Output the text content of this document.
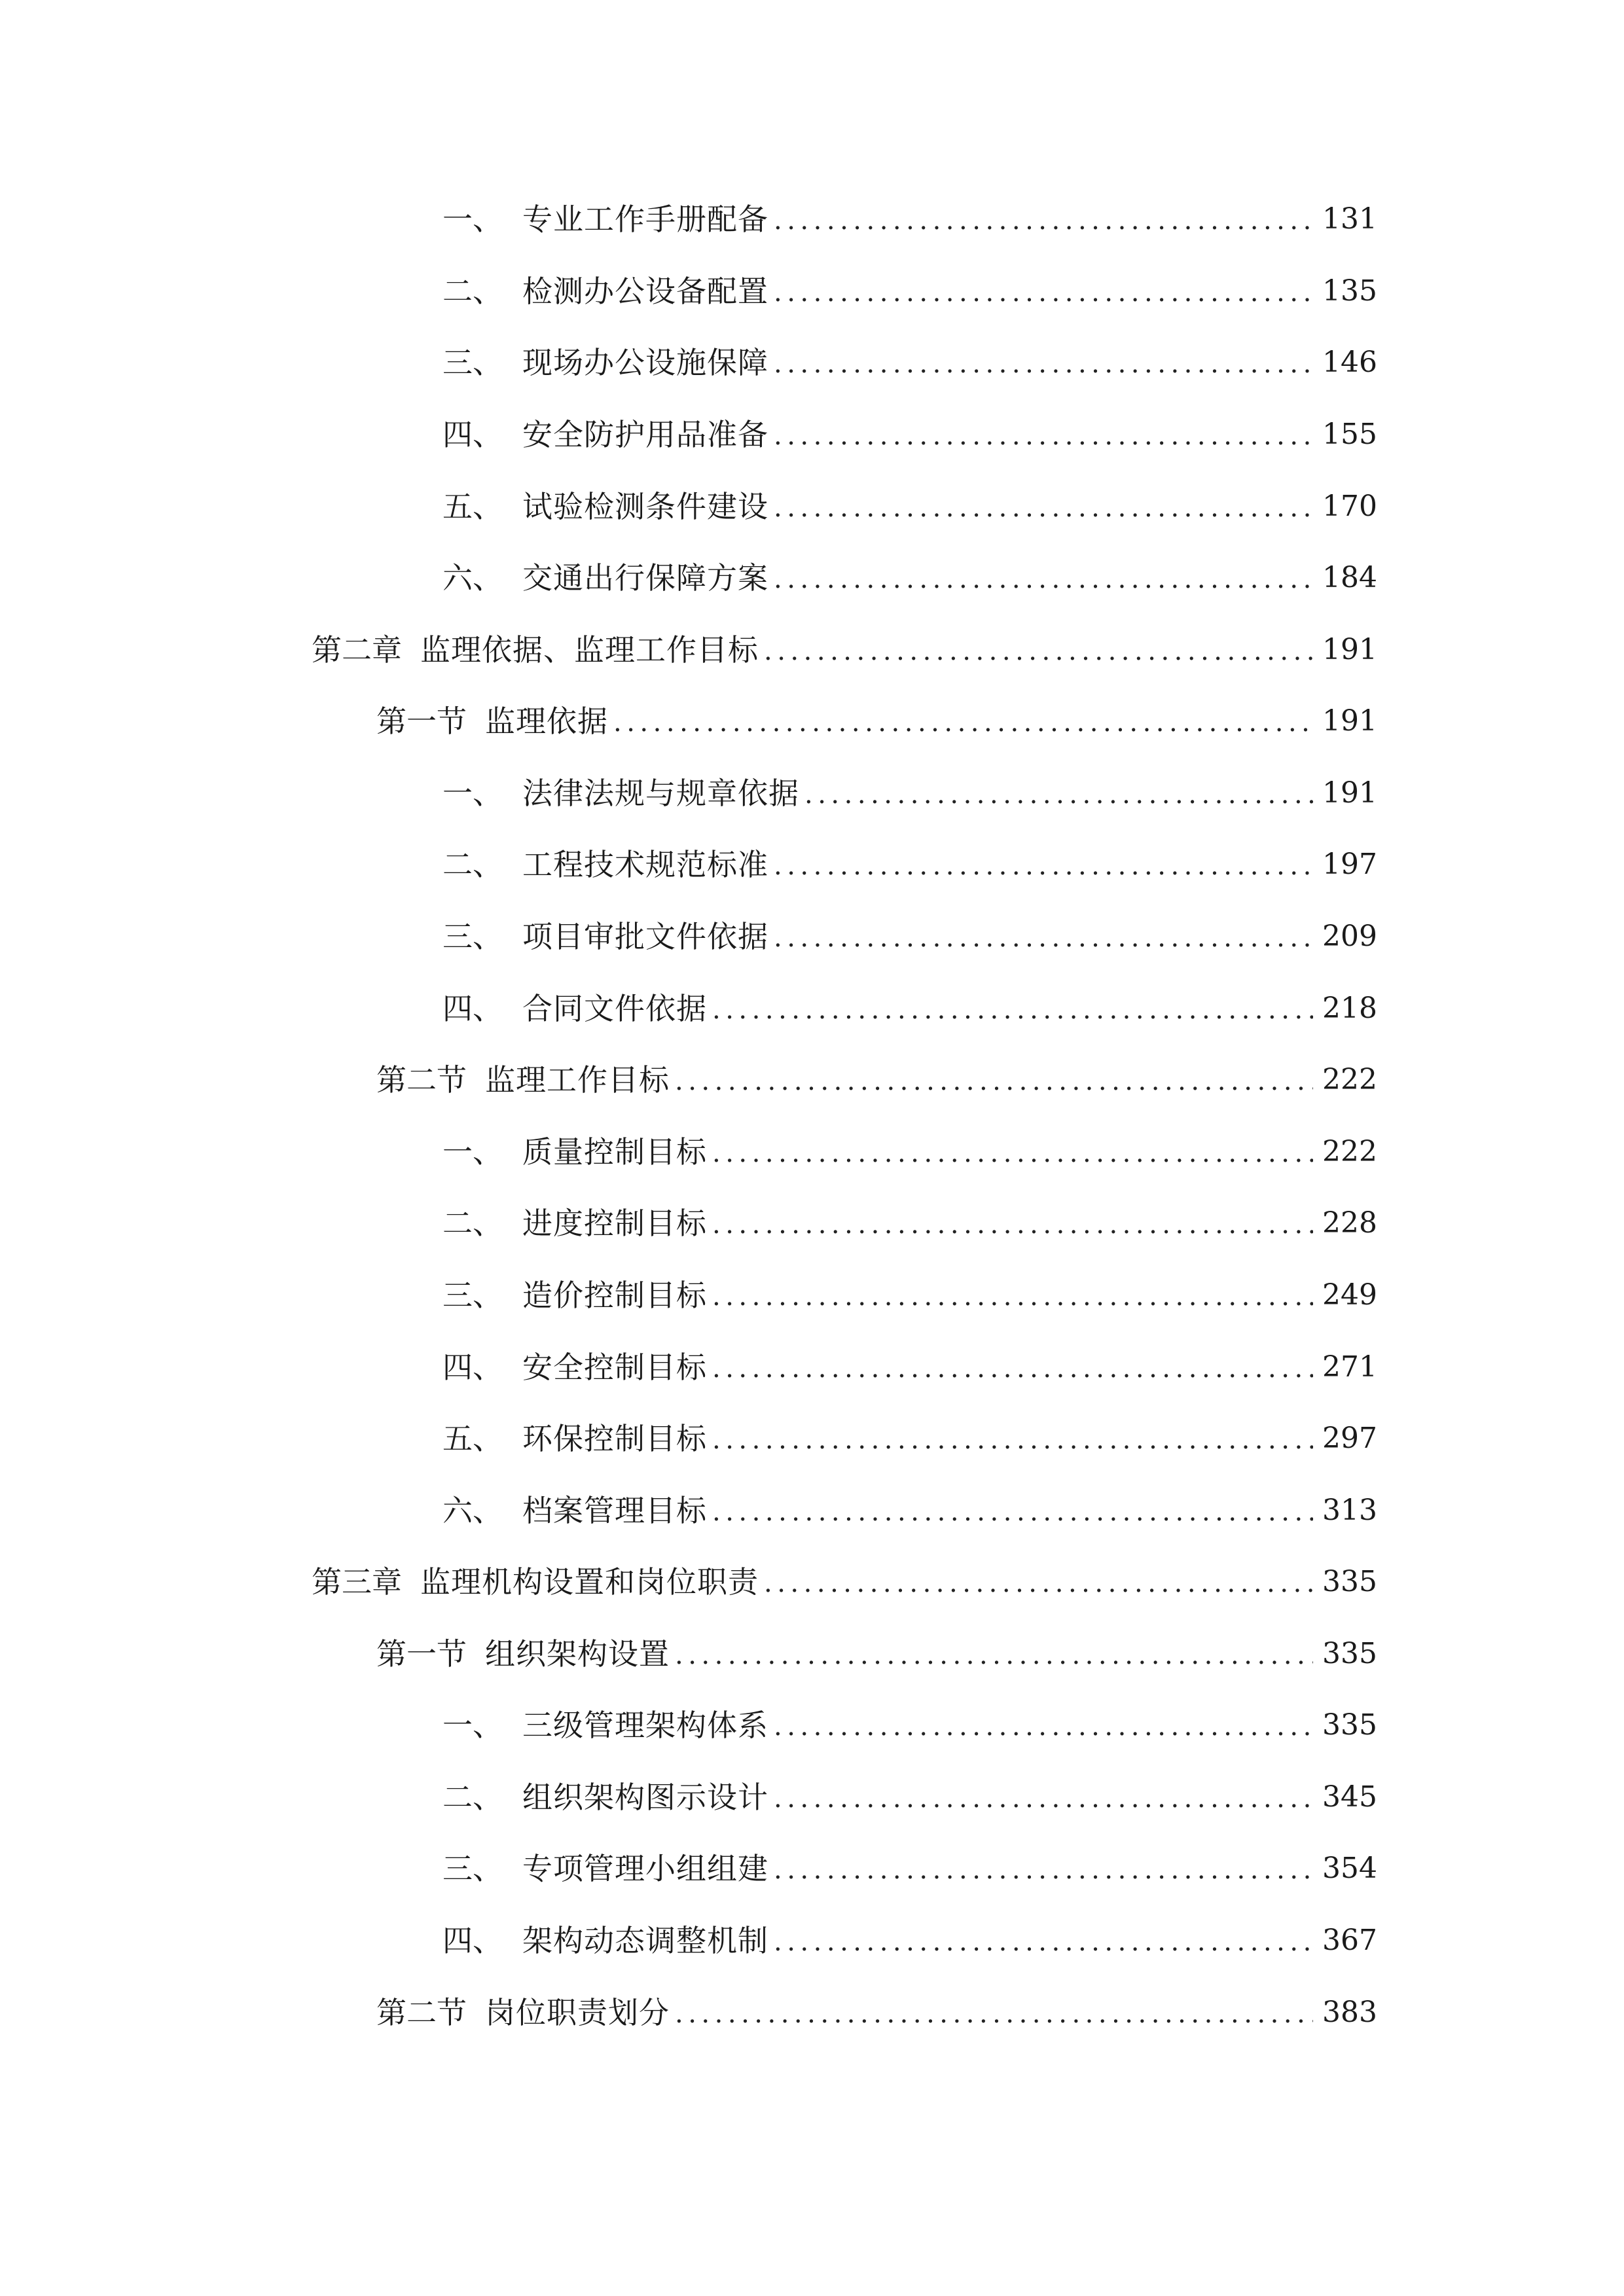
一、 专业工作手册配备 .....	131
二、 检测办公设备配置 .....	135
三、 现场办公设施保障 .....	146
四、 安全防护用品准备 .....	155
五、 试验检测条件建设 .....	170
六、 交通出行保障方案 .....	184
第二章 监理依据、监理工作目标 .....	191
第一节 监理依据 .....	191
一、 法律法规与规章依据 .....	191
二、 工程技术规范标准 .....	197
三、 项目审批文件依据 .....	209
四、 合同文件依据 .....	218
第二节 监理工作目标 .....	222
一、 质量控制目标 .....	222
二、 进度控制目标 .....	228
三、 造价控制目标 .....	249
四、 安全控制目标 .....	271
五、 环保控制目标 .....	297
六、 档案管理目标 .....	313
第三章 监理机构设置和岗位职责 .....	335
第一节 组织架构设置 .....	335
一、 三级管理架构体系 .....	335
二、 组织架构图示设计 .....	345
三、 专项管理小组组建 .....	354
四、 架构动态调整机制 .....	367
第二节 岗位职责划分 .....	383
